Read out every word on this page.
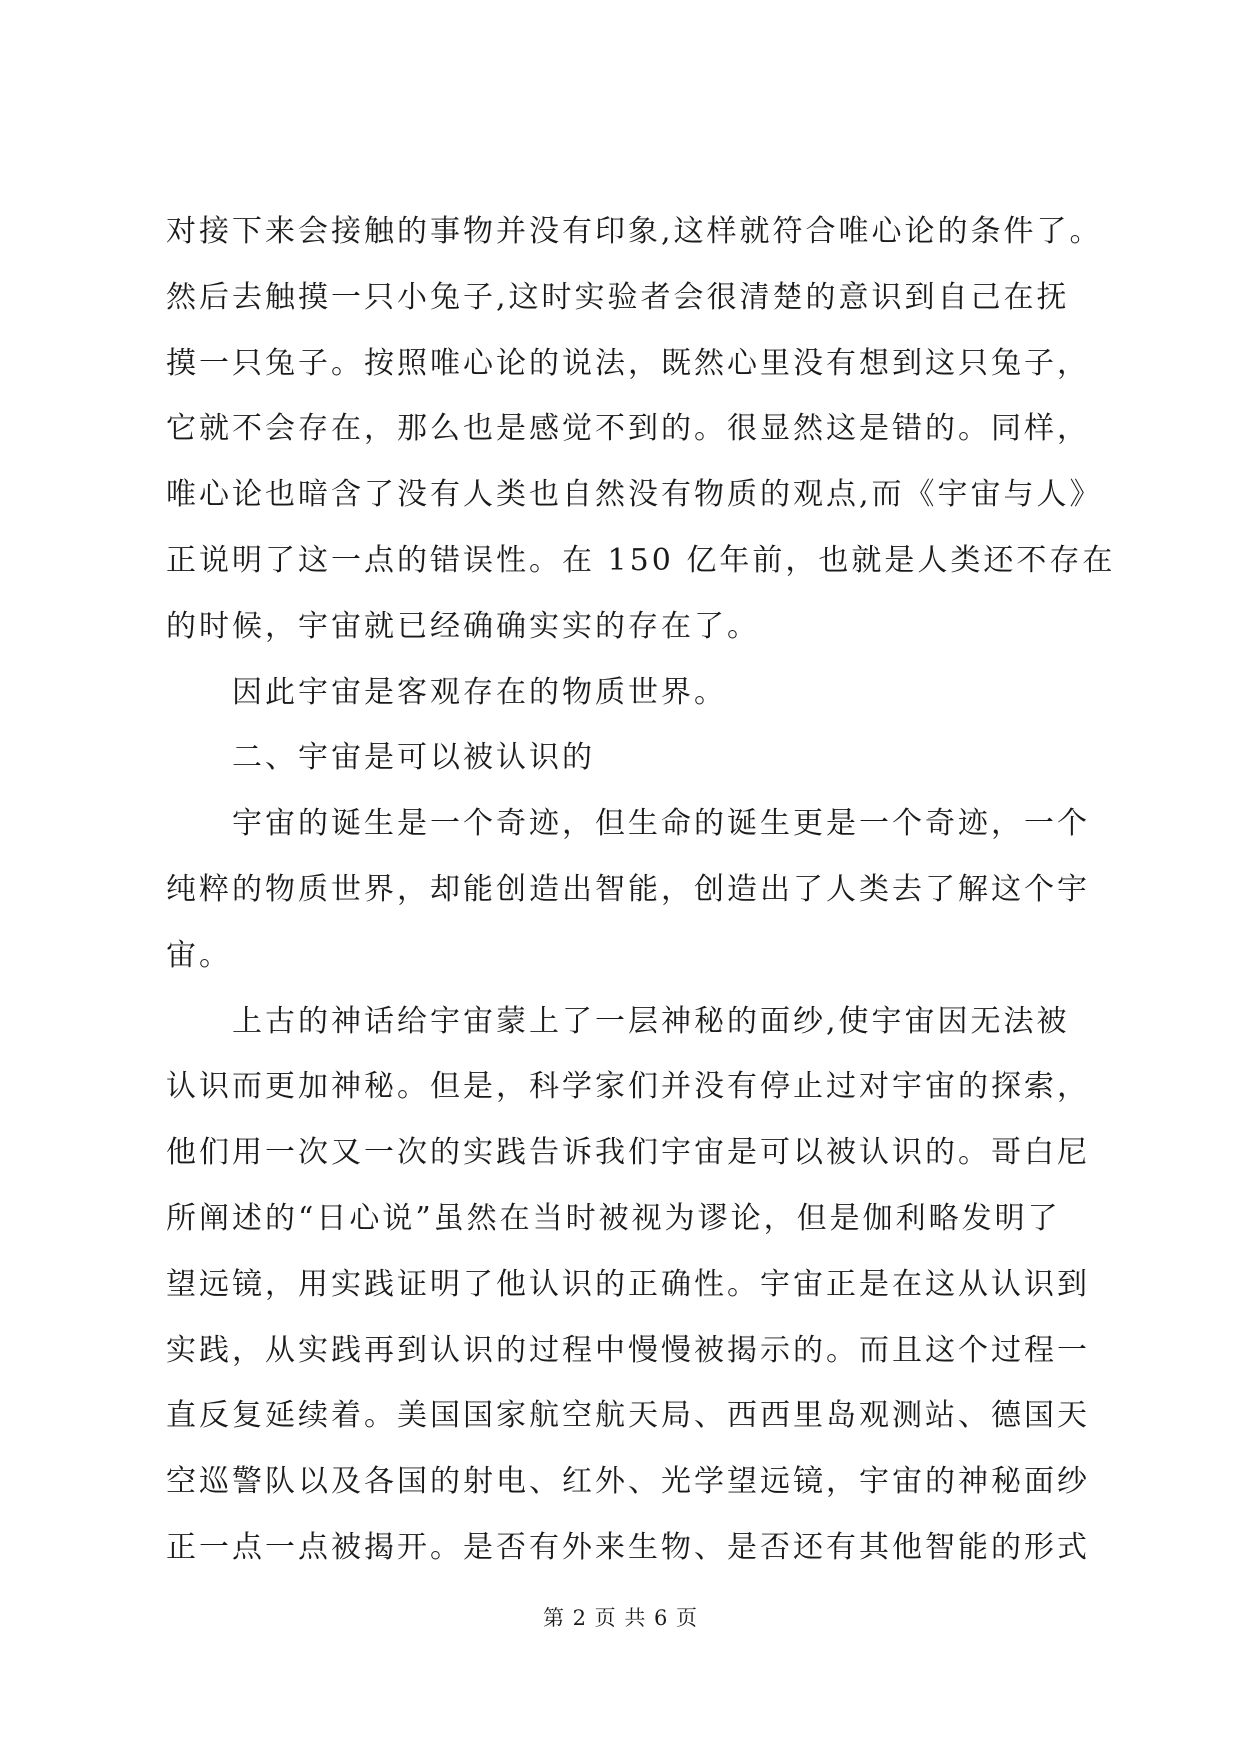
对接下来会接触的事物并没有印象,这样就符合唯心论的条件了。
然后去触摸一只小兔子,这时实验者会很清楚的意识到自己在抚
摸一只兔子。按照唯心论的说法，既然心里没有想到这只兔子，
它就不会存在，那么也是感觉不到的。很显然这是错的。同样，
唯心论也暗含了没有人类也自然没有物质的观点,而《宇宙与人》
正说明了这一点的错误性。在 150 亿年前，也就是人类还不存在
的时候，宇宙就已经确确实实的存在了。
因此宇宙是客观存在的物质世界。
二、宇宙是可以被认识的
宇宙的诞生是一个奇迹，但生命的诞生更是一个奇迹，一个
纯粹的物质世界，却能创造出智能，创造出了人类去了解这个宇
宙。
上古的神话给宇宙蒙上了一层神秘的面纱,使宇宙因无法被
认识而更加神秘。但是，科学家们并没有停止过对宇宙的探索，
他们用一次又一次的实践告诉我们宇宙是可以被认识的。哥白尼
所阐述的“日心说”虽然在当时被视为谬论，但是伽利略发明了
望远镜，用实践证明了他认识的正确性。宇宙正是在这从认识到
实践，从实践再到认识的过程中慢慢被揭示的。而且这个过程一
直反复延续着。美国国家航空航天局、西西里岛观测站、德国天
空巡警队以及各国的射电、红外、光学望远镜，宇宙的神秘面纱
正一点一点被揭开。是否有外来生物、是否还有其他智能的形式
第 2 页 共 6 页
